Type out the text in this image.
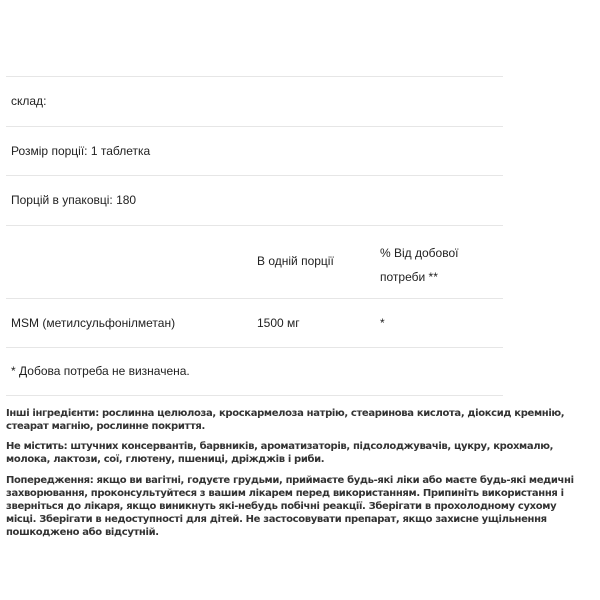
склад:
Розмір порції: 1 таблетка
Порцій в упаковці: 180
В одній порції
% Від добової
потреби **
MSM (метилсульфонілметан)	1500 мг	*
* Добова потреба не визначена.

Інші інгредієнти: рослинна целюлоза, кроскармелоза натрію, стеаринова кислота, діоксид кремнію, стеарат магнію, рослинне покриття.

Не містить: штучних консервантів, барвників, ароматизаторів, підсолоджувачів, цукру, крохмалю, молока, лактози, сої, глютену, пшениці, дріжджів і риби.

Попередження: якщо ви вагітні, годуєте грудьми, приймаєте будь-які ліки або маєте будь-які медичні захворювання, проконсультуйтеся з вашим лікарем перед використанням. Припиніть використання і зверніться до лікаря, якщо виникнуть які-небудь побічні реакції. Зберігати в прохолодному сухому місці. Зберігати в недоступності для дітей. Не застосовувати препарат, якщо захисне ущільнення пошкоджено або відсутній.
